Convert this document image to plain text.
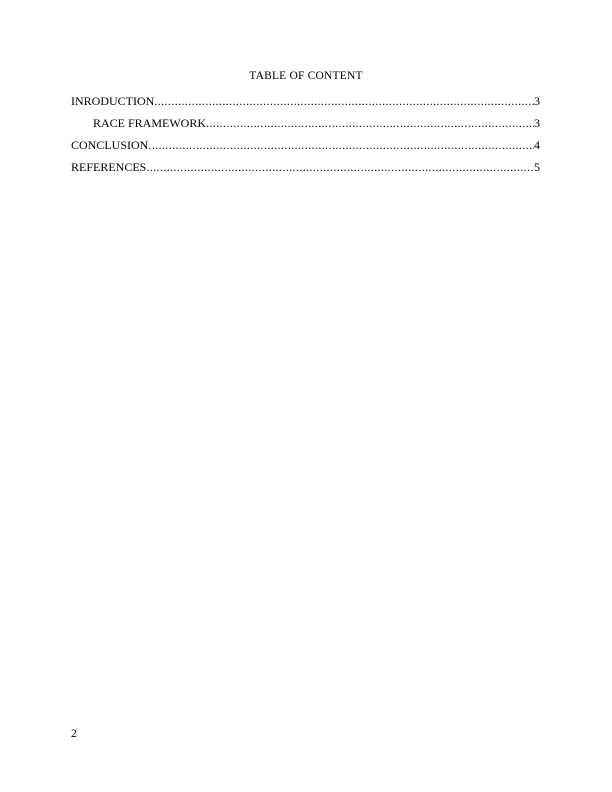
TABLE OF CONTENT
INRODUCTION .....	3
RACE FRAMEWORK .....	3
CONCLUSION .....	4
REFERENCES .....	5
2
